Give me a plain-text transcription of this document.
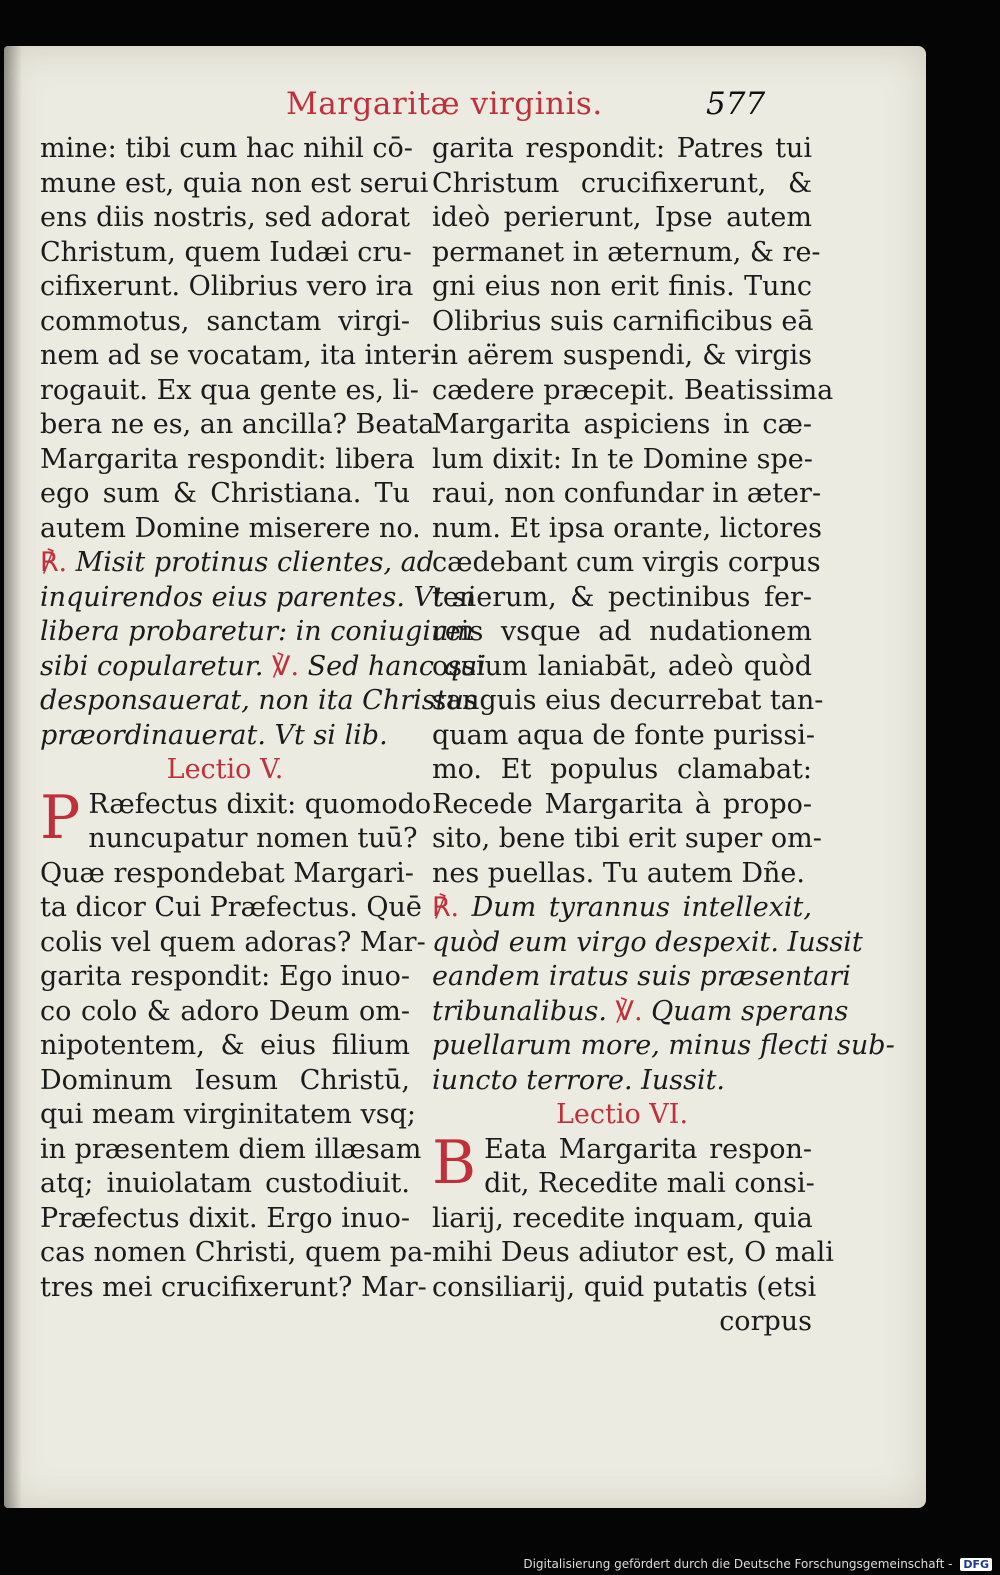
Margaritæ virginis.	577
mine: tibi cum hac nihil cō-
mune est, quia non est serui
ens diis nostris, sed adorat
Christum, quem Iudæi cru-
cifixerunt. Olibrius vero ira
commotus, sanctam virgi-
nem ad se vocatam, ita inter-
rogauit. Ex qua gente es, li-
bera ne es, an ancilla? Beata
Margarita respondit: libera
ego sum & Christiana. Tu
autem Domine miserere no.
℟. Misit protinus clientes, ad
inquirendos eius parentes. Vt si
libera probaretur: in coniugium
sibi copularetur. ℣. Sed hanc qui
desponsauerat, non ita Christus
præordinauerat. Vt si lib.
Lectio V.
P Ræfectus dixit: quomodo
nuncupatur nomen tuū?
Quæ respondebat Margari-
ta dicor Cui Præfectus. Quē
colis vel quem adoras? Mar-
garita respondit: Ego inuo-
co colo & adoro Deum om-
nipotentem, & eius filium
Dominum Iesum Christū,
qui meam virginitatem vsq;
in præsentem diem illæsam
atq; inuiolatam custodiuit.
Præfectus dixit. Ergo inuo-
cas nomen Christi, quem pa-
tres mei crucifixerunt? Mar-
garita respondit: Patres tui
Christum crucifixerunt, &
ideò perierunt, Ipse autem
permanet in æternum, & re-
gni eius non erit finis. Tunc
Olibrius suis carnificibus eā
in aërem suspendi, & virgis
cædere præcepit. Beatissima
Margarita aspiciens in cæ-
lum dixit: In te Domine spe-
raui, non confundar in æter-
num. Et ipsa orante, lictores
cædebant cum virgis corpus
tenerum, & pectinibus fer-
reis vsque ad nudationem
ossium laniabāt, adeò quòd
sanguis eius decurrebat tan-
quam aqua de fonte purissi-
mo. Et populus clamabat:
Recede Margarita à propo-
sito, bene tibi erit super om-
nes puellas. Tu autem Dñe.
℟. Dum tyrannus intellexit,
quòd eum virgo despexit. Iussit
eandem iratus suis præsentari
tribunalibus. ℣. Quam sperans
puellarum more, minus flecti sub-
iuncto terrore. Iussit.
Lectio VI.
B Eata Margarita respon-
dit, Recedite mali consi-
liarij, recedite inquam, quia
mihi Deus adiutor est, O mali
consiliarij, quid putatis (etsi
corpus
Digitalisierung gefördert durch die Deutsche Forschungsgemeinschaft - DFG
